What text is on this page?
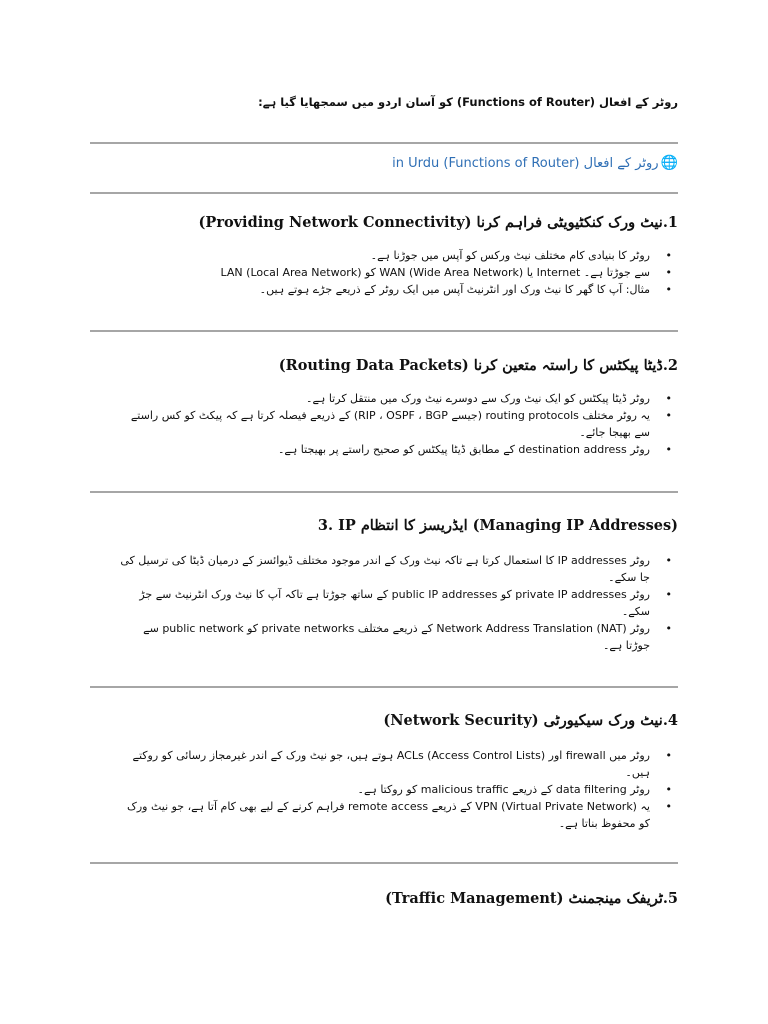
روٹر کے افعال (Functions of Router) کو آسان اردو میں سمجھایا گیا ہے:

🌐روٹر کے افعال (Functions of Router) in Urdu

1.نیٹ ورک کنکٹیویٹی فراہم کرنا (Providing Network Connectivity)
• روٹر کا بنیادی کام مختلف نیٹ ورکس کو آپس میں جوڑنا ہے۔
• LAN (Local Area Network) کو WAN (Wide Area Network) یا Internet سے جوڑتا ہے۔
• مثال: آپ کا گھر کا نیٹ ورک اور انٹرنیٹ آپس میں ایک روٹر کے ذریعے جڑے ہوتے ہیں۔
2.ڈیٹا پیکٹس کا راستہ متعین کرنا (Routing Data Packets)
• روٹر ڈیٹا پیکٹس کو ایک نیٹ ورک سے دوسرے نیٹ ورک میں منتقل کرتا ہے۔
• یہ روٹر مختلف routing protocols (جیسے RIP ، OSPF ، BGP) کے ذریعے فیصلہ کرتا ہے کہ پیکٹ کو کس راستے سے بھیجا جائے۔
• روٹر destination address کے مطابق ڈیٹا پیکٹس کو صحیح راستے پر بھیجتا ہے۔
3. IP ایڈریسز کا انتظام (Managing IP Addresses)
• روٹر IP addresses کا استعمال کرتا ہے تاکہ نیٹ ورک کے اندر موجود مختلف ڈیوائسز کے درمیان ڈیٹا کی ترسیل کی جا سکے۔
• روٹر private IP addresses کو public IP addresses کے ساتھ جوڑتا ہے تاکہ آپ کا نیٹ ورک انٹرنیٹ سے جڑ سکے۔
• روٹر Network Address Translation (NAT) کے ذریعے مختلف private networks کو public network سے جوڑتا ہے۔
4.نیٹ ورک سیکیورٹی (Network Security)
• روٹر میں firewall اور ACLs (Access Control Lists) ہوتے ہیں، جو نیٹ ورک کے اندر غیرمجاز رسائی کو روکتے ہیں۔
• روٹر data filtering کے ذریعے malicious traffic کو روکتا ہے۔
• یہ VPN (Virtual Private Network) کے ذریعے remote access فراہم کرنے کے لیے بھی کام آتا ہے، جو نیٹ ورک کو محفوظ بناتا ہے۔
5.ٹریفک مینجمنٹ (Traffic Management)
